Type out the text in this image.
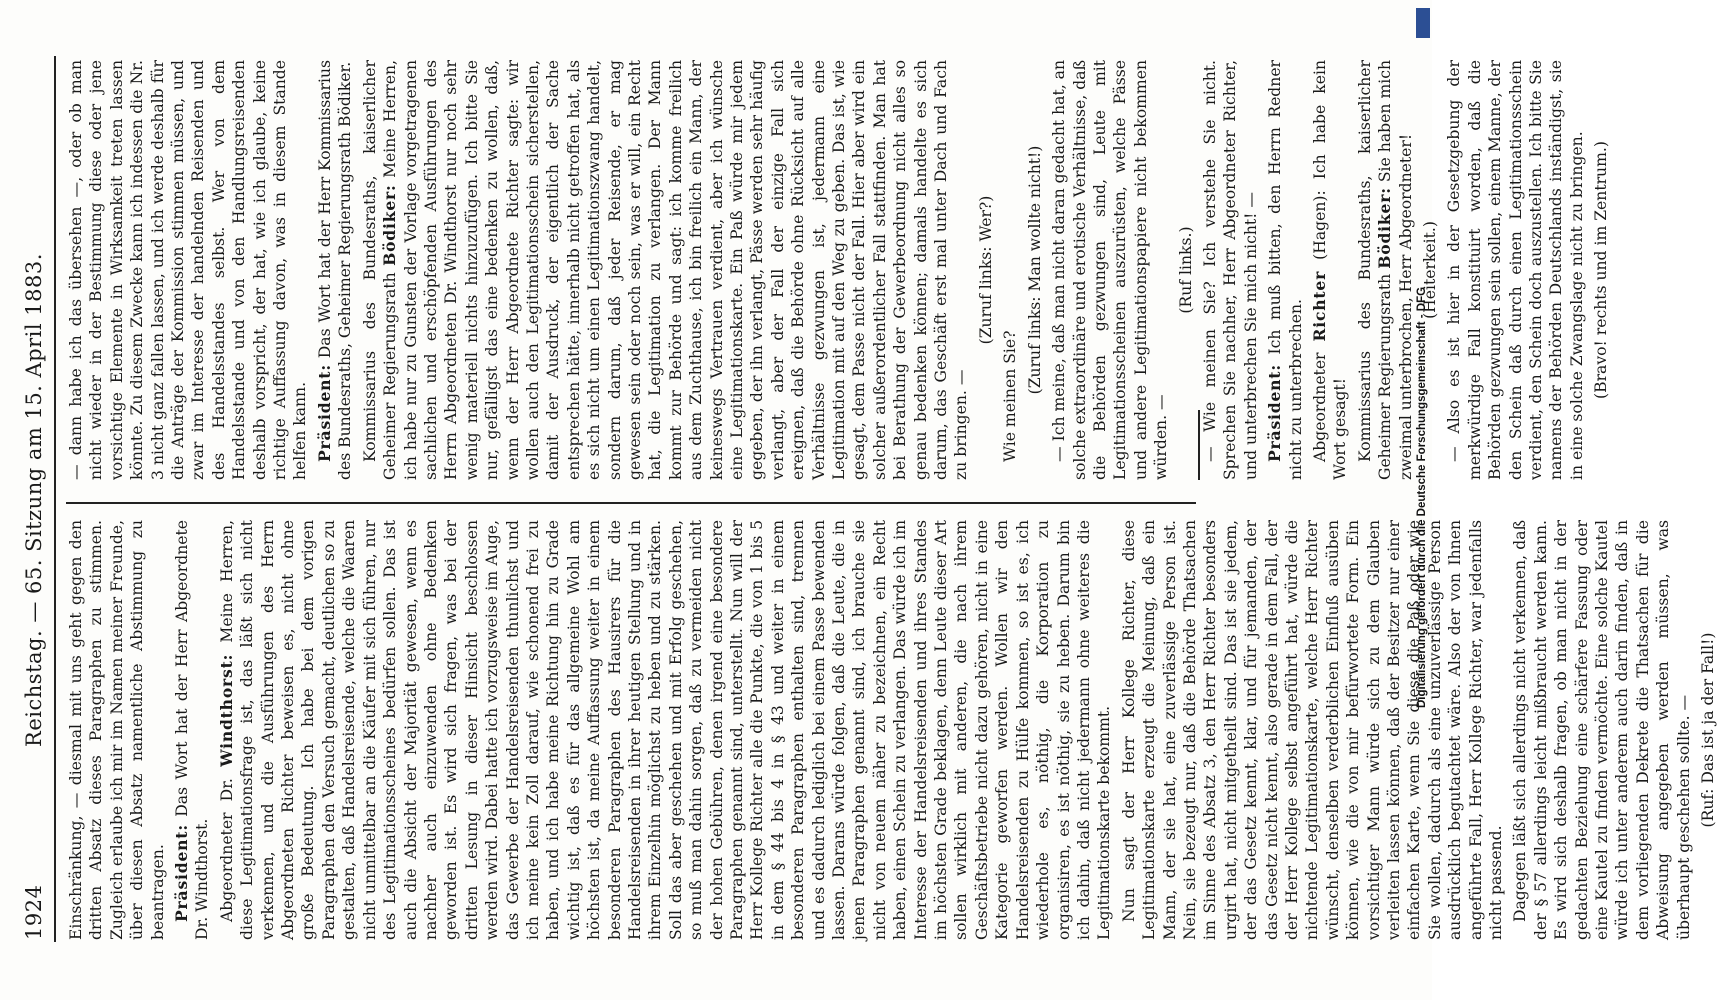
1924
Reichstag. — 65. Sitzung am 15. April 1883. Einschränkung, — diesmal mit uns geht gegen den dritten Absatz dieses Paragraphen zu stimmen. Zugleich erlaube ich mir im Namen meiner Freunde, über diesen Absatz namentliche Abstimmung zu beantragen. Präsident: Das Wort hat der Herr Abgeordnete Dr. Windthorst. Abgeordneter Dr. Windthorst: Meine Herren, diese Legitimationsfrage ist, das läßt sich nicht verkennen, und die Ausführungen des Herrn Abgeordneten Richter beweisen es, nicht ohne große Bedeutung. Ich habe bei dem vorigen Paragraphen den Versuch gemacht, deutlichen so zu gestalten, daß Handelsreisende, welche die Waaren nicht unmittelbar an die Käufer mit sich führen, nur des Legitimationsscheines bedürfen sollen. Das ist auch die Absicht der Majorität gewesen, wenn es nachher auch einzuwenden ohne Bedenken geworden ist. Es wird sich fragen, was bei der dritten Lesung in dieser Hinsicht beschlossen werden wird. Dabei hatte ich vorzugsweise im Auge, das Gewerbe der Handelsreisenden thunlichst und ich meine kein Zoll darauf, wie schonend frei zu haben, und ich habe meine Richtung hin zu Grade wichtig ist, daß es für das allgemeine Wohl am höchsten ist, da meine Auffassung weiter in einem besonderen Paragraphen des Hausirers für die Handelsreisenden in ihrer heutigen Stellung und in ihrem Einzelhin möglichst zu heben und zu stärken. Soll das aber geschehen und mit Erfolg geschehen, so muß man dahin sorgen, daß zu vermeiden nicht der hohen Gebühren, denen irgend eine besondere Paragraphen genannt sind, unterstellt. Nun will der Herr Kollege Richter alle die Punkte, die von 1 bis 5 in dem § 44 bis 4 in § 43 und weiter in einem besonderen Paragraphen enthalten sind, trennen und es dadurch lediglich bei einem Passe bewenden lassen. Darans würde folgen, daß die Leute, die in jenen Paragraphen genannt sind, ich brauche sie nicht von neuem näher zu bezeichnen, ein Recht haben, einen Schein zu verlangen. Das würde ich im Interesse der Handelsreisenden und ihres Standes im höchsten Grade beklagen, denn Leute dieser Art sollen wirklich mit anderen, die nach ihrem Geschäftsbetriebe nicht dazu gehören, nicht in eine Kategorie geworfen werden. Wollen wir den Handelsreisenden zu Hülfe kommen, so ist es, ich wiederhole es, nöthig, die Korporation zu organisiren, es ist nöthig, sie zu heben. Darum bin ich dahin, daß nicht jedermann ohne weiteres die Legitimationskarte bekommt. Nun sagt der Herr Kollege Richter, diese Legitimationskarte erzeugt die Meinung, daß ein Mann, der sie hat, eine zuverlässige Person ist. Nein, sie bezeugt nur, daß die Behörde Thatsachen im Sinne des Absatz 3, den Herr Richter besonders urgirt hat, nicht mitgetheilt sind. Das ist sie jedem, der das Gesetz kennt, klar, und für jemanden, der das Gesetz nicht kennt, also gerade in dem Fall, der der Herr Kollege selbst angeführt hat, würde die nichtende Legitimationskarte, welche Herr Richter wünscht, denselben verderblichen Einfluß ausüben können, wie die von mir befürwortete Form. Ein vorsichtiger Mann würde sich zu dem Glauben verleiten lassen können, daß der Besitzer nur einer einfachen Karte, wenn Sie diese die Paß oder wie Sie wollen, dadurch als eine unzuverlässige Person ausdrücklich begutachtet wäre. Also der von Ihnen angeführte Fall, Herr Kollege Richter, war jedenfalls nicht passend. Dagegen läßt sich allerdings nicht verkennen, daß der § 57 allerdings leicht mißbraucht werden kann. Es wird sich deshalb fragen, ob man nicht in der gedachten Beziehung eine schärfere Fassung oder eine Kautel zu finden vermöchte. Eine solche Kautel würde ich unter anderem auch darin finden, daß in dem vorliegenden Dekrete die Thatsachen für die Abweisung angegeben werden müssen, was überhaupt geschehen sollte. — (Ruf: Das ist ja der Fall!)

— dann habe ich das übersehen —, oder ob man nicht wieder in der Bestimmung diese oder jene vorsichtige Elemente in Wirksamkeit treten lassen könnte. Zu diesem Zwecke kann ich indessen die Nr. 3 nicht ganz fallen lassen, und ich werde deshalb für die Anträge der Kommission stimmen müssen, und zwar im Interesse der handelnden Reisenden und des Handelsstandes selbst. Wer von dem Handelsstande und von den Handlungsreisenden deshalb vorspricht, der hat, wie ich glaube, keine richtige Auffassung davon, was in diesem Stande helfen kann. Präsident: Das Wort hat der Herr Kommissarius des Bundesraths, Geheimer Regierungsrath Bödiker. Kommissarius des Bundesraths, kaiserlicher Geheimer Regierungsrath Bödiker: Meine Herren, ich habe nur zu Gunsten der Vorlage vorgetragenen sachlichen und erschöpfenden Ausführungen des Herrn Abgeordneten Dr. Windthorst nur noch sehr wenig materiell nichts hinzuzufügen. Ich bitte Sie nur, gefälligst das eine bedenken zu wollen, daß, wenn der Herr Abgeordnete Richter sagte: wir wollen auch den Legitimationsschein sicherstellen, damit der Ausdruck, der eigentlich der Sache entsprechen hätte, innerhalb nicht getroffen hat, als es sich nicht um einen Legitimationszwang handelt, sondern darum, daß jeder Reisende, er mag gewesen sein oder noch sein, was er will, ein Recht hat, die Legitimation zu verlangen. Der Mann kommt zur Behörde und sagt: ich komme freilich aus dem Zuchthause, ich bin freilich ein Mann, der keineswegs Vertrauen verdient, aber ich wünsche eine Legitimationskarte. Ein Paß würde mir jedem gegeben, der ihn verlangt, Pässe werden sehr häufig verlangt, aber der Fall der einzige Fall sich ereignen, daß die Behörde ohne Rücksicht auf alle Verhältnisse gezwungen ist, jedermann eine Legitimation mit auf den Weg zu geben. Das ist, wie gesagt, dem Passe nicht der Fall. Hier aber wird ein solcher außerordentlicher Fall stattfinden. Man hat bei Berathung der Gewerbeordnung nicht alles so genau bedenken können; damals handelte es sich darum, das Geschäft erst mal unter Dach und Fach zu bringen. —

(Zuruf links: Wer?)

Wie meinen Sie?

(Zuruf links: Man wollte nicht!) — Ich meine, daß man nicht daran gedacht hat, an solche extraordinäre und erotische Verhältnisse, daß die Behörden gezwungen sind, Leute mit Legitimationsscheinen auszurüsten, welche Pässe und andere Legitimationspapiere nicht bekommen würden. —

(Ruf links.) — Wie meinen Sie? Ich verstehe Sie nicht. Sprechen Sie nachher, Herr Abgeordneter Richter, und unterbrechen Sie mich nicht! — Präsident: Ich muß bitten, den Herrn Redner nicht zu unterbrechen. Abgeordneter Richter (Hagen): Ich habe kein Wort gesagt! Kommissarius des Bundesraths, kaiserlicher Geheimer Regierungsrath Bödiker: Sie haben mich zweimal unterbrochen, Herr Abgeordneter! (Heiterkeit.) — Also es ist hier in der Gesetzgebung der merkwürdige Fall konstituirt worden, daß die Behörden gezwungen sein sollen, einem Manne, der den Schein daß durch einen Legitimationsschein verdient, den Schein doch auszustellen. Ich bitte Sie namens der Behörden Deutschlands inständigst, sie in eine solche Zwangslage nicht zu bringen. (Bravo! rechts und im Zentrum.)

Digitalisierung gefördert durch die Deutsche Forschungsgemeinschaft - DFG
